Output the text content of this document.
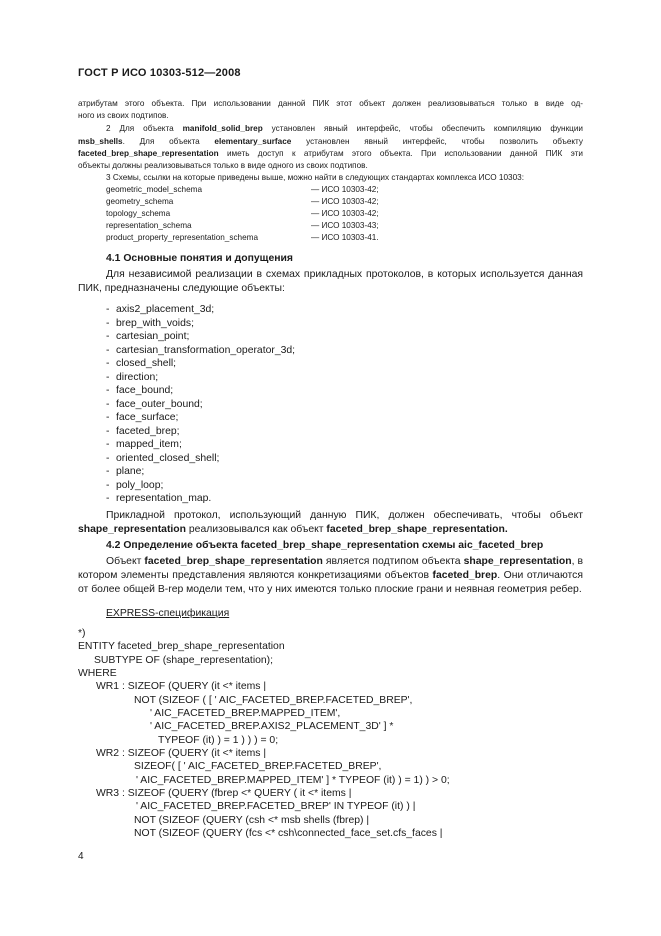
ГОСТ Р ИСО 10303-512—2008
атрибутам этого объекта. При использовании данной ПИК этот объект должен реализовываться только в виде од-
ного из своих подтипов.
2 Для объекта manifold_solid_brep установлен явный интерфейс, чтобы обеспечить компиляцию функции
msb_shells. Для объекта elementary_surface установлен явный интерфейс, чтобы позволить объекту
faceted_brep_shape_representation иметь доступ к атрибутам этого объекта. При использовании данной ПИК эти
объекты должны реализовываться только в виде одного из своих подтипов.
3 Схемы, ссылки на которые приведены выше, можно найти в следующих стандартах комплекса ИСО 10303:
geometric_model_schema	— ИСО 10303-42;
geometry_schema	— ИСО 10303-42;
topology_schema	— ИСО 10303-42;
representation_schema	— ИСО 10303-43;
product_property_representation_schema	— ИСО 10303-41.
4.1 Основные понятия и допущения
Для независимой реализации в схемах прикладных протоколов, в которых используется данная
ПИК, предназначены следующие объекты:
- axis2_placement_3d;
- brep_with_voids;
- cartesian_point;
- cartesian_transformation_operator_3d;
- closed_shell;
- direction;
- face_bound;
- face_outer_bound;
- face_surface;
- faceted_brep;
- mapped_item;
- oriented_closed_shell;
- plane;
- poly_loop;
- representation_map.
Прикладной протокол, использующий данную ПИК, должен обеспечивать, чтобы объект
shape_representation реализовывался как объект faceted_brep_shape_representation.
4.2 Определение объекта faceted_brep_shape_representation схемы aic_faceted_brep
Объект faceted_brep_shape_representation является подтипом объекта shape_representation, в
котором элементы представления являются конкретизациями объектов faceted_brep. Они отличаются
от более общей B-rep модели тем, что у них имеются только плоские грани и неявная геометрия ребер.
EXPRESS-спецификация
*)
ENTITY faceted_brep_shape_representation
SUBTYPE OF (shape_representation);
WHERE
WR1 : SIZEOF (QUERY (it <* items |
NOT (SIZEOF ( [ ' AIC_FACETED_BREP.FACETED_BREP',
' AIC_FACETED_BREP.MAPPED_ITEM',
' AIC_FACETED_BREP.AXIS2_PLACEMENT_3D' ] *
TYPEOF (it) ) = 1 ) ) ) = 0;
WR2 : SIZEOF (QUERY (it <* items |
SIZEOF( [ ' AIC_FACETED_BREP.FACETED_BREP',
' AIC_FACETED_BREP.MAPPED_ITEM' ] * TYPEOF (it) ) = 1) ) > 0;
WR3 : SIZEOF (QUERY (fbrep <* QUERY ( it <* items |
' AIC_FACETED_BREP.FACETED_BREP' IN TYPEOF (it) ) |
NOT (SIZEOF (QUERY (csh <* msb shells (fbrep) |
NOT (SIZEOF (QUERY (fcs <* csh\connected_face_set.cfs_faces |
4
